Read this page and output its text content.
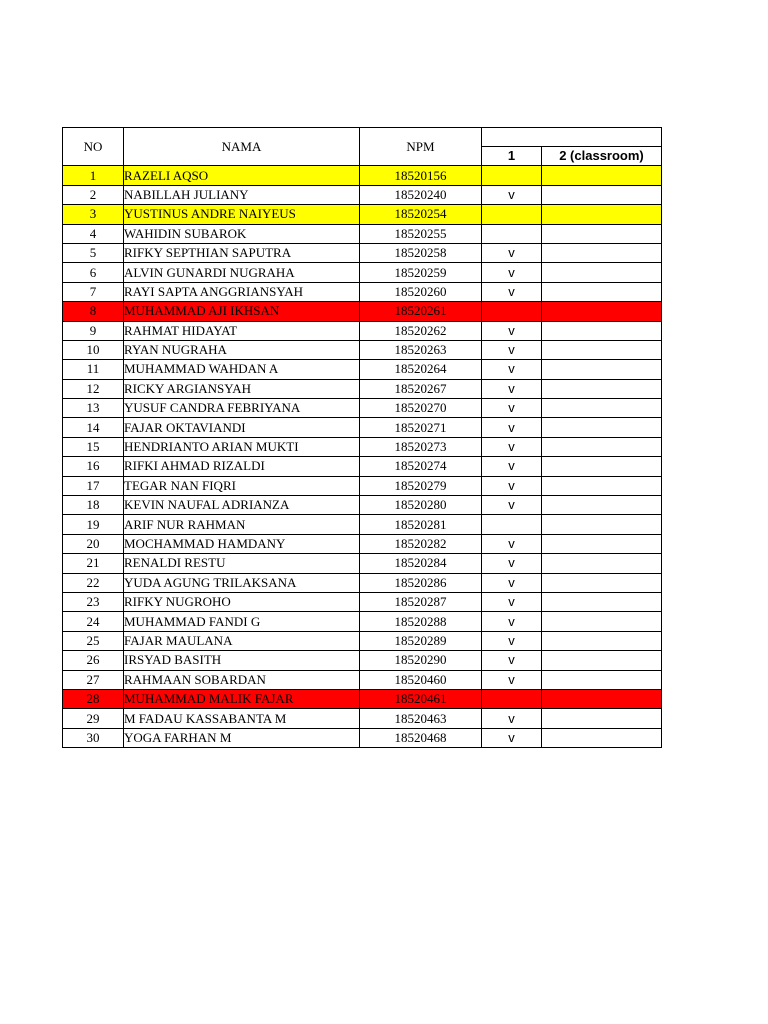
NO	NAMA	NPM		
			1	2 (classroom)
1	RAZELI AQSO	18520156		
2	NABILLAH JULIANY	18520240	v	
3	YUSTINUS ANDRE NAIYEUS	18520254		
4	WAHIDIN SUBAROK	18520255		
5	RIFKY SEPTHIAN SAPUTRA	18520258	v	
6	ALVIN GUNARDI NUGRAHA	18520259	v	
7	RAYI SAPTA ANGGRIANSYAH	18520260	v	
8	MUHAMMAD AJI IKHSAN	18520261		
9	RAHMAT HIDAYAT	18520262	v	
10	RYAN NUGRAHA	18520263	v	
11	MUHAMMAD WAHDAN A	18520264	v	
12	RICKY ARGIANSYAH	18520267	v	
13	YUSUF CANDRA FEBRIYANA	18520270	v	
14	FAJAR OKTAVIANDI	18520271	v	
15	HENDRIANTO ARIAN MUKTI	18520273	v	
16	RIFKI AHMAD RIZALDI	18520274	v	
17	TEGAR NAN FIQRI	18520279	v	
18	KEVIN NAUFAL ADRIANZA	18520280	v	
19	ARIF NUR RAHMAN	18520281		
20	MOCHAMMAD HAMDANY	18520282	v	
21	RENALDI RESTU	18520284	v	
22	YUDA AGUNG TRILAKSANA	18520286	v	
23	RIFKY NUGROHO	18520287	v	
24	MUHAMMAD FANDI G	18520288	v	
25	FAJAR MAULANA	18520289	v	
26	IRSYAD BASITH	18520290	v	
27	RAHMAAN SOBARDAN	18520460	v	
28	MUHAMMAD MALIK FAJAR	18520461		
29	M FADAU KASSABANTA M	18520463	v	
30	YOGA FARHAN M	18520468	v	
